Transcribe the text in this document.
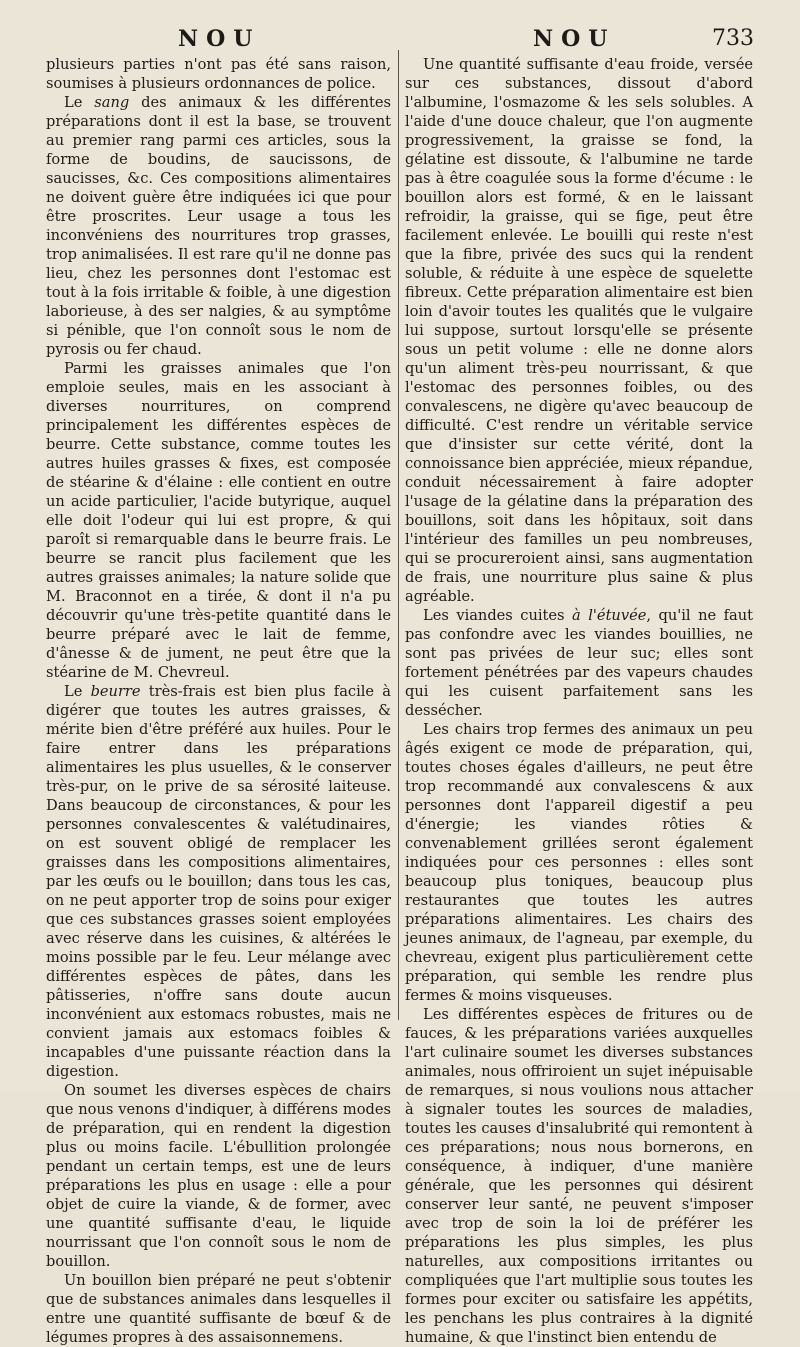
NOU	NOU	733

plusieurs parties n'ont pas été sans raison, soumises à plusieurs ordonnances de police.

Le sang des animaux & les différentes préparations dont il est la base, se trouvent au premier rang parmi ces articles, sous la forme de boudins, de saucissons, de saucisses, &c. Ces compositions alimentaires ne doivent guère être indiquées ici que pour être proscrites. Leur usage a tous les inconvéniens des nourritures trop grasses, trop animalisées. Il est rare qu'il ne donne pas lieu, chez les personnes dont l'estomac est tout à la fois irritable & foible, à une digestion laborieuse, à des ser nalgies, & au symptôme si pénible, que l'on connoît sous le nom de pyrosis ou fer chaud.

Parmi les graisses animales que l'on emploie seules, mais en les associant à diverses nourritures, on comprend principalement les différentes espèces de beurre. Cette substance, comme toutes les autres huiles grasses & fixes, est composée de stéarine & d'élaine : elle contient en outre un acide particulier, l'acide butyrique, auquel elle doit l'odeur qui lui est propre, & qui paroît si remarquable dans le beurre frais. Le beurre se rancit plus facilement que les autres graisses animales; la nature solide que M. Braconnot en a tirée, & dont il n'a pu découvrir qu'une très-petite quantité dans le beurre préparé avec le lait de femme, d'ânesse & de jument, ne peut être que la stéarine de M. Chevreul.

Le beurre très-frais est bien plus facile à digérer que toutes les autres graisses, & mérite bien d'être préféré aux huiles. Pour le faire entrer dans les préparations alimentaires les plus usuelles, & le conserver très-pur, on le prive de sa sérosité laiteuse. Dans beaucoup de circonstances, & pour les personnes convalescentes & valétudinaires, on est souvent obligé de remplacer les graisses dans les compositions alimentaires, par les œufs ou le bouillon; dans tous les cas, on ne peut apporter trop de soins pour exiger que ces substances grasses soient employées avec réserve dans les cuisines, & altérées le moins possible par le feu. Leur mélange avec différentes espèces de pâtes, dans les pâtisseries, n'offre sans doute aucun inconvénient aux estomacs robustes, mais ne convient jamais aux estomacs foibles & incapables d'une puissante réaction dans la digestion.

On soumet les diverses espèces de chairs que nous venons d'indiquer, à différens modes de préparation, qui en rendent la digestion plus ou moins facile. L'ébullition prolongée pendant un certain temps, est une de leurs préparations les plus en usage : elle a pour objet de cuire la viande, & de former, avec une quantité suffisante d'eau, le liquide nourrissant que l'on connoît sous le nom de bouillon.

Un bouillon bien préparé ne peut s'obtenir que de substances animales dans lesquelles il entre une quantité suffisante de bœuf & de légumes propres à des assaisonnemens.

Une quantité suffisante d'eau froide, versée sur ces substances, dissout d'abord l'albumine, l'osmazome & les sels solubles. A l'aide d'une douce chaleur, que l'on augmente progressivement, la graisse se fond, la gélatine est dissoute, & l'albumine ne tarde pas à être coagulée sous la forme d'écume : le bouillon alors est formé, & en le laissant refroidir, la graisse, qui se fige, peut être facilement enlevée. Le bouilli qui reste n'est que la fibre, privée des sucs qui la rendent soluble, & réduite à une espèce de squelette fibreux. Cette préparation alimentaire est bien loin d'avoir toutes les qualités que le vulgaire lui suppose, surtout lorsqu'elle se présente sous un petit volume : elle ne donne alors qu'un aliment très-peu nourrissant, & que l'estomac des personnes foibles, ou des convalescens, ne digère qu'avec beaucoup de difficulté. C'est rendre un véritable service que d'insister sur cette vérité, dont la connoissance bien appréciée, mieux répandue, conduit nécessairement à faire adopter l'usage de la gélatine dans la préparation des bouillons, soit dans les hôpitaux, soit dans l'intérieur des familles un peu nombreuses, qui se procureroient ainsi, sans augmentation de frais, une nourriture plus saine & plus agréable.

Les viandes cuites à l'étuvée, qu'il ne faut pas confondre avec les viandes bouillies, ne sont pas privées de leur suc; elles sont fortement pénétrées par des vapeurs chaudes qui les cuisent parfaitement sans les dessécher.

Les chairs trop fermes des animaux un peu âgés exigent ce mode de préparation, qui, toutes choses égales d'ailleurs, ne peut être trop recommandé aux convalescens & aux personnes dont l'appareil digestif a peu d'énergie; les viandes rôties & convenablement grillées seront également indiquées pour ces personnes : elles sont beaucoup plus toniques, beaucoup plus restaurantes que toutes les autres préparations alimentaires. Les chairs des jeunes animaux, de l'agneau, par exemple, du chevreau, exigent plus particulièrement cette préparation, qui semble les rendre plus fermes & moins visqueuses.

Les différentes espèces de fritures ou de fauces, & les préparations variées auxquelles l'art culinaire soumet les diverses substances animales, nous offriroient un sujet inépuisable de remarques, si nous voulions nous attacher à signaler toutes les sources de maladies, toutes les causes d'insalubrité qui remontent à ces préparations; nous nous bornerons, en conséquence, à indiquer, d'une manière générale, que les personnes qui désirent conserver leur santé, ne peuvent s'imposer avec trop de soin la loi de préférer les préparations les plus simples, les plus naturelles, aux compositions irritantes ou compliquées que l'art multiplie sous toutes les formes pour exciter ou satisfaire les appétits, les penchans les plus contraires à la dignité humaine, & que l'instinct bien entendu de
